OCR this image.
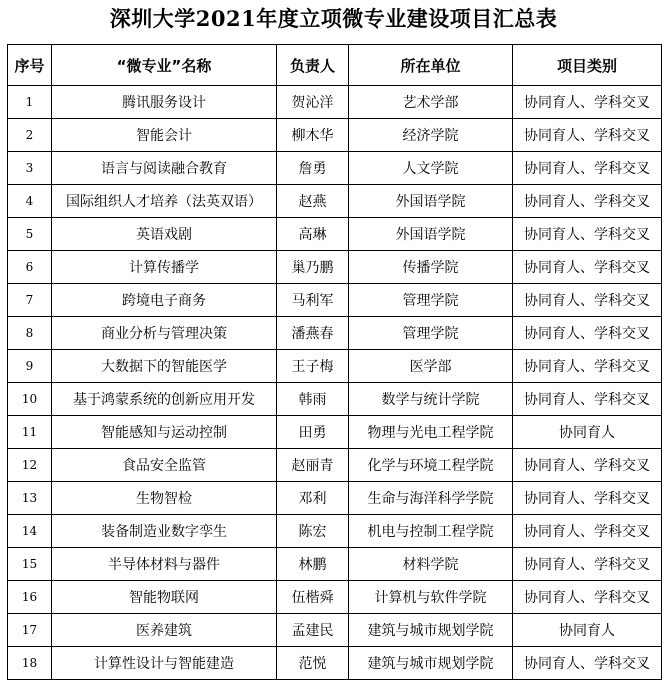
深圳大学2021年度立项微专业建设项目汇总表
序号	“微专业”名称	负责人	所在单位	项目类别
1	腾讯服务设计	贺沁洋	艺术学部	协同育人、学科交叉
2	智能会计	柳木华	经济学院	协同育人、学科交叉
3	语言与阅读融合教育	詹勇	人文学院	协同育人、学科交叉
4	国际组织人才培养（法英双语）	赵燕	外国语学院	协同育人、学科交叉
5	英语戏剧	高琳	外国语学院	协同育人、学科交叉
6	计算传播学	巢乃鹏	传播学院	协同育人、学科交叉
7	跨境电子商务	马利军	管理学院	协同育人、学科交叉
8	商业分析与管理决策	潘燕春	管理学院	协同育人、学科交叉
9	大数据下的智能医学	王子梅	医学部	协同育人、学科交叉
10	基于鸿蒙系统的创新应用开发	韩雨	数学与统计学院	协同育人、学科交叉
11	智能感知与运动控制	田勇	物理与光电工程学院	协同育人
12	食品安全监管	赵丽青	化学与环境工程学院	协同育人、学科交叉
13	生物智检	邓利	生命与海洋科学学院	协同育人、学科交叉
14	装备制造业数字孪生	陈宏	机电与控制工程学院	协同育人、学科交叉
15	半导体材料与器件	林鹏	材料学院	协同育人、学科交叉
16	智能物联网	伍楷舜	计算机与软件学院	协同育人、学科交叉
17	医养建筑	孟建民	建筑与城市规划学院	协同育人
18	计算性设计与智能建造	范悦	建筑与城市规划学院	协同育人、学科交叉
